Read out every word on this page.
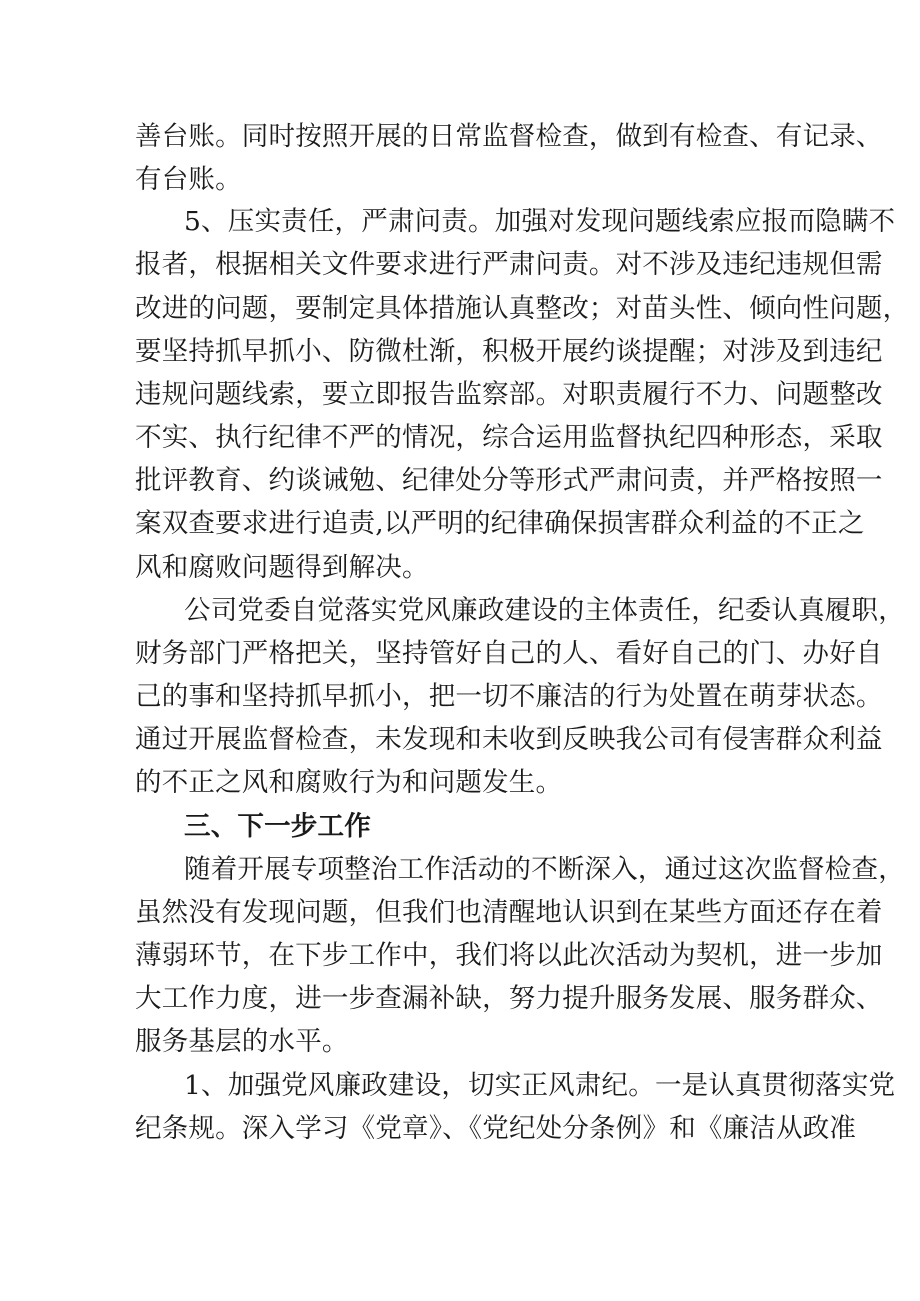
善台账。同时按照开展的日常监督检查，做到有检查、有记录、
有台账。
5、压实责任，严肃问责。加强对发现问题线索应报而隐瞒不
报者，根据相关文件要求进行严肃问责。对不涉及违纪违规但需
改进的问题，要制定具体措施认真整改；对苗头性、倾向性问题，
要坚持抓早抓小、防微杜渐，积极开展约谈提醒；对涉及到违纪
违规问题线索，要立即报告监察部。对职责履行不力、问题整改
不实、执行纪律不严的情况，综合运用监督执纪四种形态，采取
批评教育、约谈诫勉、纪律处分等形式严肃问责，并严格按照一
案双查要求进行追责,以严明的纪律确保损害群众利益的不正之
风和腐败问题得到解决。
公司党委自觉落实党风廉政建设的主体责任，纪委认真履职，
财务部门严格把关，坚持管好自己的人、看好自己的门、办好自
己的事和坚持抓早抓小，把一切不廉洁的行为处置在萌芽状态。
通过开展监督检查，未发现和未收到反映我公司有侵害群众利益
的不正之风和腐败行为和问题发生。
三、下一步工作
随着开展专项整治工作活动的不断深入，通过这次监督检查，
虽然没有发现问题，但我们也清醒地认识到在某些方面还存在着
薄弱环节，在下步工作中，我们将以此次活动为契机，进一步加
大工作力度，进一步查漏补缺，努力提升服务发展、服务群众、
服务基层的水平。
1、加强党风廉政建设，切实正风肃纪。一是认真贯彻落实党
纪条规。深入学习《党章》、《党纪处分条例》和《廉洁从政准
